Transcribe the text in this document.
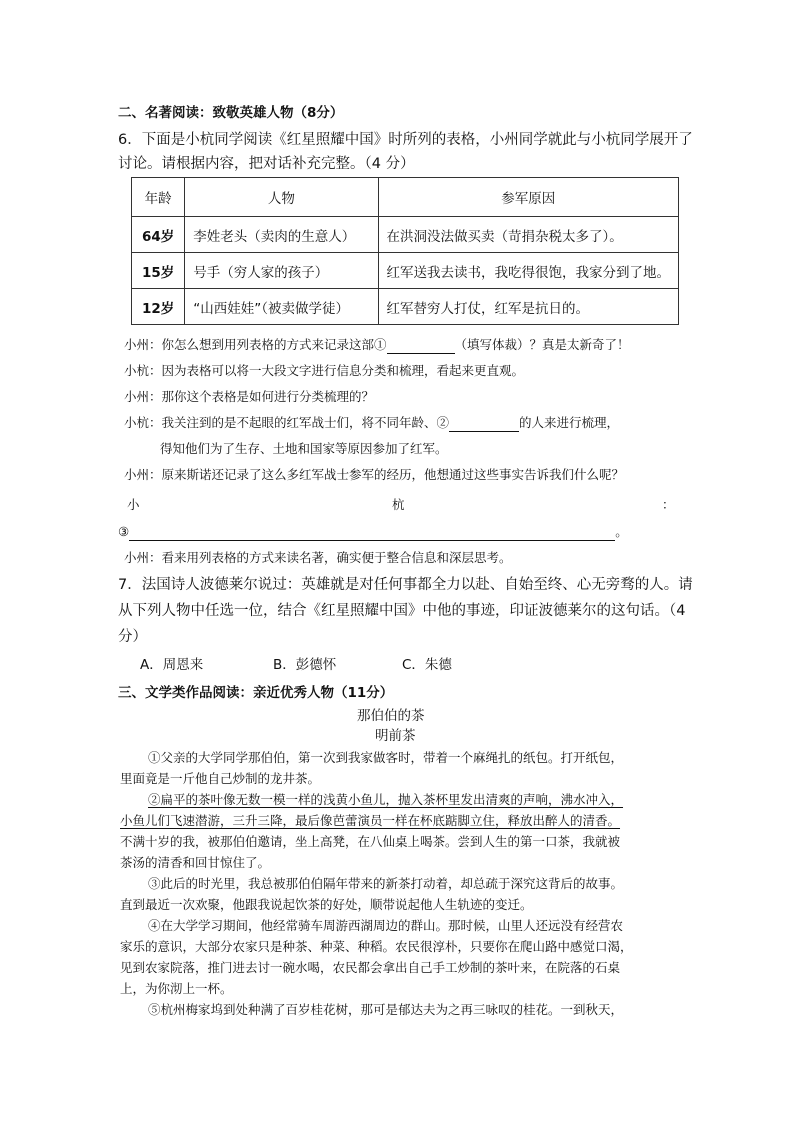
二、名著阅读：致敬英雄人物（8分）
6．下面是小杭同学阅读《红星照耀中国》时所列的表格，小州同学就此与小杭同学展开了
讨论。请根据内容，把对话补充完整。（4 分）
年龄	人物	参军原因
64岁	李姓老头（卖肉的生意人）	在洪洞没法做买卖（苛捐杂税太多了）。
15岁	号手（穷人家的孩子）	红军送我去读书，我吃得很饱，我家分到了地。
12岁	“山西娃娃”（被卖做学徒）	红军替穷人打仗，红军是抗日的。
小州：你怎么想到用列表格的方式来记录这部①	（填写体裁）？真是太新奇了！
小杭：因为表格可以将一大段文字进行信息分类和梳理，看起来更直观。
小州：那你这个表格是如何进行分类梳理的？
小杭：我关注到的是不起眼的红军战士们，将不同年龄、②	的人来进行梳理，
得知他们为了生存、土地和国家等原因参加了红军。
小州：原来斯诺还记录了这么多红军战士参军的经历，他想通过这些事实告诉我们什么呢？
小	杭	：
③	。
小州：看来用列表格的方式来读名著，确实便于整合信息和深层思考。
7．法国诗人波德莱尔说过：英雄就是对任何事都全力以赴、自始至终、心无旁骛的人。请
从下列人物中任选一位，结合《红星照耀中国》中他的事迹，印证波德莱尔的这句话。（4
分）
A．周恩来	B．彭德怀	C．朱德
三、文学类作品阅读：亲近优秀人物（11分）
那伯伯的茶
明前茶
①父亲的大学同学那伯伯，第一次到我家做客时，带着一个麻绳扎的纸包。打开纸包，
里面竟是一斤他自己炒制的龙井茶。
②扁平的茶叶像无数一模一样的浅黄小鱼儿，抛入茶杯里发出清爽的声响，沸水冲入，
小鱼儿们飞速潜游，三升三降，最后像芭蕾演员一样在杯底踮脚立住，释放出醉人的清香。
不满十岁的我，被那伯伯邀请，坐上高凳，在八仙桌上喝茶。尝到人生的第一口茶，我就被
茶汤的清香和回甘惊住了。
③此后的时光里，我总被那伯伯隔年带来的新茶打动着，却总疏于深究这背后的故事。
直到最近一次欢聚，他跟我说起饮茶的好处，顺带说起他人生轨迹的变迁。
④在大学学习期间，他经常骑车周游西湖周边的群山。那时候，山里人还远没有经营农
家乐的意识，大部分农家只是种茶、种菜、种稻。农民很淳朴，只要你在爬山路中感觉口渴，
见到农家院落，推门进去讨一碗水喝，农民都会拿出自己手工炒制的茶叶来，在院落的石桌
上，为你沏上一杯。
⑤杭州梅家坞到处种满了百岁桂花树，那可是郁达夫为之再三咏叹的桂花。一到秋天，
